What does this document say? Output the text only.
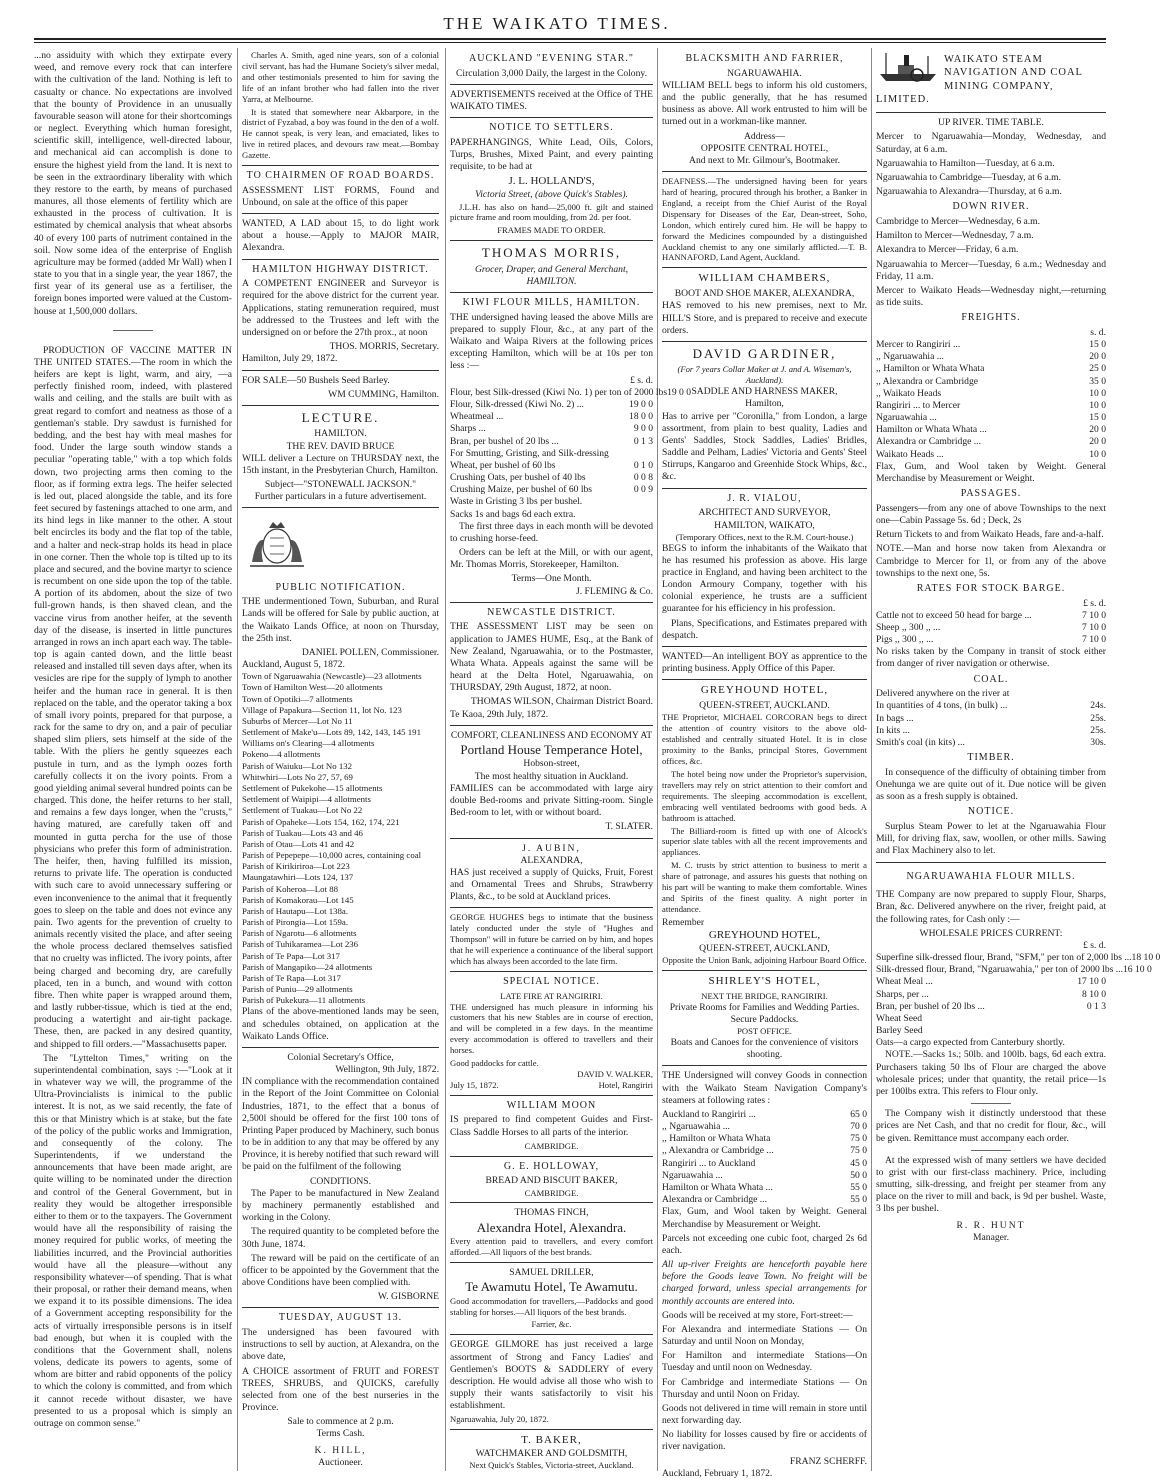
THE WAIKATO TIMES.

...no assiduity with which they extirpate every weed, and remove every rock that can interfere with the cultivation of the land. Nothing is left to casualty or chance. No expectations are involved that the bounty of Providence in an unusually favourable season will atone for their shortcomings or neglect. Everything which human foresight, scientific skill, intelligence, well-directed labour, and mechanical aid can accomplish is done to ensure the highest yield from the land. It is next to be seen in the extraordinary liberality with which they restore to the earth, by means of purchased manures, all those elements of fertility which are exhausted in the process of cultivation. It is estimated by chemical analysis that wheat absorbs 40 of every 100 parts of nutriment contained in the soil. Now some idea of the enterprise of English agriculture may be formed (added Mr Wall) when I state to you that in a single year, the year 1867, the first year of its general use as a fertiliser, the foreign bones imported were valued at the Custom-house at 1,500,000 dollars.

PRODUCTION OF VACCINE MATTER IN THE UNITED STATES.—The room in which the heifers are kept is light, warm, and airy, —a perfectly finished room, indeed, with plastered walls and ceiling, and the stalls are built with as great regard to comfort and neatness as those of a gentleman's stable. Dry sawdust is furnished for bedding, and the best hay with meal mashes for food. Under the large south window stands a peculiar "operating table," with a top which folds down, two projecting arms then coming to the floor, as if forming extra legs. The heifer selected is led out, placed alongside the table, and its fore feet secured by fastenings attached to one arm, and its hind legs in like manner to the other. A stout belt encircles its body and the flat top of the table, and a halter and neck-strap holds its head in place in one corner. Then the whole top is tilted up to its place and secured, and the bovine martyr to science is recumbent on one side upon the top of the table. A portion of its abdomen, about the size of two full-grown hands, is then shaved clean, and the vaccine virus from another heifer, at the seventh day of the disease, is inserted in little punctures arranged in rows an inch apart each way. The table-top is again canted down, and the little beast released and installed till seven days after, when its vesicles are ripe for the supply of lymph to another heifer and the human race in general. It is then replaced on the table, and the operator taking a box of small ivory points, prepared for that purpose, a rack for the same to dry on, and a pair of peculiar shaped slim pliers, sets himself at the side of the table. With the pliers he gently squeezes each pustule in turn, and as the lymph oozes forth carefully collects it on the ivory points. From a good yielding animal several hundred points can be charged. This done, the heifer returns to her stall, and remains a few days longer, when the "crusts," having matured, are carefully taken off and mounted in gutta percha for the use of those physicians who prefer this form of administration. The heifer, then, having fulfilled its mission, returns to private life. The operation is conducted with such care to avoid unnecessary suffering or even inconvenience to the animal that it frequently goes to sleep on the table and does not evince any pain. Two agents for the prevention of cruelty to animals recently visited the place, and after seeing the whole process declared themselves satisfied that no cruelty was inflicted. The ivory points, after being charged and becoming dry, are carefully placed, ten in a bunch, and wound with cotton fibre. Then white paper is wrapped around them, and lastly rubber-tissue, which is tied at the end, producing a watertight and air-tight package. These, then, are packed in any desired quantity, and shipped to fill orders.—"Massachusetts paper.

The "Lyttelton Times," writing on the superintendental combination, says :—"Look at it in whatever way we will, the programme of the Ultra-Provincialists is inimical to the public interest. It is not, as we said recently, the fate of this or that Ministry which is at stake, but the fate of the policy of the public works and Immigration, and consequently of the colony. The Superintendents, if we understand the announcements that have been made aright, are quite willing to be nominated under the direction and control of the General Government, but in reality they would be altogether irresponsible either to them or to the taxpayers. The Government would have all the responsibility of raising the money required for public works, of meeting the liabilities incurred, and the Provincial authorities would have all the pleasure—without any responsibility whatever—of spending. That is what their proposal, or rather their demand means, when we expand it to its possible dimensions. The idea of a Government accepting responsibility for the acts of virtually irresponsible persons is in itself bad enough, but when it is coupled with the conditions that the Government shall, nolens volens, dedicate its powers to agents, some of whom are bitter and rabid opponents of the policy to which the colony is committed, and from which it cannot recede without disaster, we have presented to us a proposal which is simply an outrage on common sense."

Charles A. Smith, aged nine years, son of a colonial civil servant, has had the Humane Society's silver medal, and other testimonials presented to him for saving the life of an infant brother who had fallen into the river Yarra, at Melbourne.

It is stated that somewhere near Akbarpore, in the district of Fyzabad, a boy was found in the den of a wolf. He cannot speak, is very lean, and emaciated, likes to live in retired places, and devours raw meat.—Bombay Gazette.

TO CHAIRMEN OF ROAD BOARDS.

ASSESSMENT LIST FORMS, Found and Unbound, on sale at the office of this paper

WANTED, A LAD about 15, to do light work about a house.—Apply to MAJOR MAIR, Alexandra.

HAMILTON HIGHWAY DISTRICT.

A COMPETENT ENGINEER and Surveyor is required for the above district for the current year. Applications, stating remuneration required, must be addressed to the Trustees and left with the undersigned on or before the 27th prox., at noon

THOS. MORRIS, Secretary.
Hamilton, July 29, 1872.

FOR SALE—50 Bushels Seed Barley.

WM CUMMING, Hamilton.
LECTURE.
HAMILTON.
THE REV. DAVID BRUCE

WILL deliver a Lecture on THURSDAY next, the 15th instant, in the Presbyterian Church, Hamilton.

Subject—"STONEWALL JACKSON."
Further particulars in a future advertisement.
PUBLIC NOTIFICATION.

THE undermentioned Town, Suburban, and Rural Lands will be offered for Sale by public auction, at the Waikato Lands Office, at noon on Thursday, the 25th inst.

DANIEL POLLEN, Commissioner.
Auckland, August 5, 1872.
Town of Ngaruawahia (Newcastle)—23 allotments
Town of Hamilton West—20 allotments
Town of Opotiki—7 allotments
Village of Papakura—Section 11, lot No. 123
Suburbs of Mercer—Lot No 11
Settlement of Make'u—Lots 89, 142, 143, 145 191
Williams on's Clearing—4 allotments
Pokeno—4 allotments
Parish of Waiuku—Lot No 132
Whitwhiri—Lots No 27, 57, 69
Settlement of Pukekohe—15 allotments
Settlement of Waipipi—4 allotments
Settlement of Tuakau—Lot No 22
Parish of Opaheke—Lots 154, 162, 174, 221
Parish of Tuakau—Lots 43 and 46
Parish of Otau—Lots 41 and 42
Parish of Pepepepe—10,000 acres, containing coal
Parish of Kirikiriroa—Lot 223
Maungatawhiri—Lots 124, 137
Parish of Koheroa—Lot 88
Parish of Komakorau—Lot 145
Parish of Hautapu—Lot 138a.
Parish of Pirongia—Lot 159a.
Parish of Ngarotu—6 allotments
Parish of Tuhikaramea—Lot 236
Parish of Te Papa—Lot 317
Parish of Mangapiko—24 allotments
Parish of Te Rapa—Lot 317
Parish of Puniu—29 allotments
Parish of Pukekura—11 allotments

Plans of the above-mentioned lands may be seen, and schedules obtained, on application at the Waikato Lands Office.

Colonial Secretary's Office,
Wellington, 9th July, 1872.

IN compliance with the recommendation contained in the Report of the Joint Committee on Colonial Industries, 1871, to the effect that a bonus of 2,500l should be offered for the first 100 tons of Printing Paper produced by Machinery, such bonus to be in addition to any that may be offered by any Province, it is hereby notified that such reward will be paid on the fulfilment of the following

CONDITIONS.

The Paper to be manufactured in New Zealand by machinery permanently established and working in the Colony.

The required quantity to be completed before the 30th June, 1874.

The reward will be paid on the certificate of an officer to be appointed by the Government that the above Conditions have been complied with.

W. GISBORNE
TUESDAY, AUGUST 13.

The undersigned has been favoured with instructions to sell by auction, at Alexandra, on the above date,

A CHOICE assortment of FRUIT and FOREST TREES, SHRUBS, and QUICKS, carefully selected from one of the best nurseries in the Province.

Sale to commence at 2 p.m.
Terms Cash.
K. HILL,
Auctioneer.
AUCKLAND "EVENING STAR."
Circulation 3,000 Daily, the largest in the Colony.

ADVERTISEMENTS received at the Office of THE WAIKATO TIMES.

NOTICE TO SETTLERS.

PAPERHANGINGS, White Lead, Oils, Colors, Turps, Brushes, Mixed Paint, and every painting requisite, to be had at

J. L. HOLLAND'S,
Victoria Street, (above Quick's Stables).

J.L.H. has also on hand—25,000 ft. gilt and stained picture frame and room moulding, from 2d. per foot.

FRAMES MADE TO ORDER.
THOMAS MORRIS,
Grocer, Draper, and General Merchant, HAMILTON.
KIWI FLOUR MILLS, HAMILTON.

THE undersigned having leased the above Mills are prepared to supply Flour, &c., at any part of the Waikato and Waipa Rivers at the following prices excepting Hamilton, which will be at 10s per ton less :—

£ s. d.
Flour, best Silk-dressed (Kiwi No. 1) per ton of 2000 lbs 19 0 0
Flour, Silk-dressed (Kiwi No. 2) ...	19 0 0
Wheatmeal ...	18 0 0
Sharps ...	9 0 0
Bran, per bushel of 20 lbs ...	0 1 3
For Smutting, Gristing, and Silk-dressing
Wheat, per bushel of 60 lbs	0 1 0
Crushing Oats, per bushel of 40 lbs	0 0 8
Crushing Maize, per bushel of 60 lbs	0 0 9
Waste in Gristing 3 lbs per bushel.
Sacks 1s and bags 6d each extra.

The first three days in each month will be devoted to crushing horse-feed.

Orders can be left at the Mill, or with our agent, Mr. Thomas Morris, Storekeeper, Hamilton.

Terms—One Month.
J. FLEMING & Co.
NEWCASTLE DISTRICT.

THE ASSESSMENT LIST may be seen on application to JAMES HUME, Esq., at the Bank of New Zealand, Ngaruawahia, or to the Postmaster, Whata Whata. Appeals against the same will be heard at the Delta Hotel, Ngaruawahia, on THURSDAY, 29th August, 1872, at noon.

THOMAS WILSON, Chairman District Board.
Te Kaoa, 29th July, 1872.
COMFORT, CLEANLINESS AND ECONOMY AT
Portland House Temperance Hotel,
Hobson-street,
The most healthy situation in Auckland.

FAMILIES can be accommodated with large airy double Bed-rooms and private Sitting-room. Single Bed-room to let, with or without board.

T. SLATER.
J. AUBIN,
ALEXANDRA,

HAS just received a supply of Quicks, Fruit, Forest and Ornamental Trees and Shrubs, Strawberry Plants, &c., to be sold at Auckland prices.

GEORGE HUGHES begs to intimate that the business lately conducted under the style of "Hughes and Thompson" will in future be carried on by him, and hopes that he will experience a continuance of the liberal support which has always been accorded to the late firm.

SPECIAL NOTICE.
LATE FIRE AT RANGIRIRI.

THE undersigned has much pleasure in informing his customers that his new Stables are in course of erection, and will be completed in a few days. In the meantime every accommodation is offered to travellers and their horses.

Good paddocks for cattle.
DAVID V. WALKER,
July 15, 1872.	Hotel, Rangiriri
WILLIAM MOON

IS prepared to find competent Guides and First-Class Saddle Horses to all parts of the interior.

CAMBRIDGE.
G. E. HOLLOWAY,
BREAD AND BISCUIT BAKER,
CAMBRIDGE.
THOMAS FINCH,
Alexandra Hotel, Alexandra.

Every attention paid to travellers, and every comfort afforded.—All liquors of the best brands.

SAMUEL DRILLER,
Te Awamutu Hotel, Te Awamutu.

Good accommodation for travellers,—Paddocks and good stabling for horses.—All liquors of the best brands.

Farrier, &c.

GEORGE GILMORE has just received a large assortment of Strong and Fancy Ladies' and Gentlemen's BOOTS & SADDLERY of every description. He would advise all those who wish to supply their wants satisfactorily to visit his establishment.

Ngaruawahia, July 20, 1872.
T. BAKER,
WATCHMAKER AND GOLDSMITH,
Next Quick's Stables, Victoria-street, Auckland.
BLACKSMITH AND FARRIER,
NGARUAWAHIA.

WILLIAM BELL begs to inform his old customers, and the public generally, that he has resumed business as above. All work entrusted to him will be turned out in a workman-like manner.

Address—
OPPOSITE CENTRAL HOTEL,
And next to Mr. Gilmour's, Bootmaker.

DEAFNESS.—The undersigned having been for years hard of hearing, procured through his brother, a Banker in England, a receipt from the Chief Aurist of the Royal Dispensary for Diseases of the Ear, Dean-street, Soho, London, which entirely cured him. He will be happy to forward the Medicines compounded by a distinguished Auckland chemist to any one similarly afflicted.—T. B. HANNAFORD, Land Agent, Auckland.

WILLIAM CHAMBERS,
BOOT AND SHOE MAKER, ALEXANDRA,

HAS removed to his new premises, next to Mr. HILL'S Store, and is prepared to receive and execute orders.

DAVID GARDINER,
(For 7 years Collar Maker at J. and A. Wiseman's, Auckland).
SADDLE AND HARNESS MAKER,
Hamilton,

Has to arrive per "Coronilla," from London, a large assortment, from plain to best quality, Ladies and Gents' Saddles, Stock Saddles, Ladies' Bridles, Saddle and Pelham, Ladies' Victoria and Gents' Steel Stirrups, Kangaroo and Greenhide Stock Whips, &c., &c.

J. R. VIALOU,
ARCHITECT AND SURVEYOR,
HAMILTON, WAIKATO,
(Temporary Offices, next to the R.M. Court-house.)

BEGS to inform the inhabitants of the Waikato that he has resumed his profession as above. His large practice in England, and having been architect to the London Armoury Company, together with his colonial experience, he trusts are a sufficient guarantee for his efficiency in his profession.

Plans, Specifications, and Estimates prepared with despatch.

WANTED—An intelligent BOY as apprentice to the printing business. Apply Office of this Paper.

GREYHOUND HOTEL,
QUEEN-STREET, AUCKLAND.

THE Proprietor, MICHAEL CORCORAN begs to direct the attention of country visitors to the above old-established and centrally situated Hotel. It is in close proximity to the Banks, principal Stores, Government offices, &c.

The hotel being now under the Proprietor's supervision, travellers may rely on strict attention to their comfort and requirements. The sleeping accommodation is excellent, embracing well ventilated bedrooms with good beds. A bathroom is attached.

The Billiard-room is fitted up with one of Alcock's superior slate tables with all the recent improvements and appliances.

M. C. trusts by strict attention to business to merit a share of patronage, and assures his guests that nothing on his part will be wanting to make them comfortable. Wines and Spirits of the finest quality. A night porter in attendance.

Remember
GREYHOUND HOTEL,
QUEEN-STREET, AUCKLAND,
Opposite the Union Bank, adjoining Harbour Board Office.
SHIRLEY'S HOTEL,
NEXT THE BRIDGE, RANGIRIRI.
Private Rooms for Families and Wedding Parties.
Secure Paddocks.
POST OFFICE.
Boats and Canoes for the convenience of visitors shooting.

THE Undersigned will convey Goods in connection with the Waikato Steam Navigation Company's steamers at following rates :

Auckland to Rangiriri ...	65 0
,, Ngaruawahia ...	70 0
,, Hamilton or Whata Whata	75 0
,, Alexandra or Cambridge ...	75 0
Rangiriri ... to Auckland	45 0
Ngaruawahia ...	50 0
Hamilton or Whata Whata ...	55 0
Alexandra or Cambridge ...	55 0

Flax, Gum, and Wool taken by Weight. General Merchandise by Measurement or Weight.

Parcels not exceeding one cubic foot, charged 2s 6d each.

All up-river Freights are henceforth payable here before the Goods leave Town. No freight will be charged forward, unless special arrangements for monthly accounts are entered into.

Goods will be received at my store, Fort-street:—

For Alexandra and intermediate Stations — On Saturday and until Noon on Monday,

For Hamilton and intermediate Stations—On Tuesday and until noon on Wednesday.

For Cambridge and intermediate Stations — On Thursday and until Noon on Friday.

Goods not delivered in time will remain in store until next forwarding day.

No liability for losses caused by fire or accidents of river navigation.

FRANZ SCHERFF.
Auckland, February 1, 1872.
WAIKATO STEAM NAVIGATION AND COAL MINING COMPANY, LIMITED.
UP RIVER. TIME TABLE.

Mercer to Ngaruawahia—Monday, Wednesday, and Saturday, at 6 a.m.

Ngaruawahia to Hamilton—Tuesday, at 6 a.m.

Ngaruawahia to Cambridge—Tuesday, at 6 a.m.

Ngaruawahia to Alexandra—Thursday, at 6 a.m.

DOWN RIVER.

Cambridge to Mercer—Wednesday, 6 a.m.

Hamilton to Mercer—Wednesday, 7 a.m.

Alexandra to Mercer—Friday, 6 a.m.

Ngaruawahia to Mercer—Tuesday, 6 a.m.; Wednesday and Friday, 11 a.m.

Mercer to Waikato Heads—Wednesday night,—returning as tide suits.

FREIGHTS.
s. d.
Mercer to Rangiriri ...	15 0
,, Ngaruawahia ...	20 0
,, Hamilton or Whata Whata	25 0
,, Alexandra or Cambridge	35 0
,, Waikato Heads	10 0
Rangiriri ... to Mercer	10 0
Ngaruawahia ...	15 0
Hamilton or Whata Whata ...	20 0
Alexandra or Cambridge ...	20 0
Waikato Heads ...	10 0

Flax, Gum, and Wool taken by Weight. General Merchandise by Measurement or Weight.

PASSAGES.

Passengers—from any one of above Townships to the next one—Cabin Passage 5s. 6d ; Deck, 2s

Return Tickets to and from Waikato Heads, fare and-a-half.

NOTE.—Man and horse now taken from Alexandra or Cambridge to Mercer for 1l, or from any of the above townships to the next one, 5s.

RATES FOR STOCK BARGE.
£ s. d.
Cattle not to exceed 50 head for barge ...	7 10 0
Sheep ,, 300 ,, ...	7 10 0
Pigs ,, 300 ,, ...	7 10 0

No risks taken by the Company in transit of stock either from danger of river navigation or otherwise.

COAL.
Delivered anywhere on the river at
In quantities of 4 tons, (in bulk) ...	24s.
In bags ...	25s.
In kits ...	25s.
Smith's coal (in kits) ...	30s.
TIMBER.

In consequence of the difficulty of obtaining timber from Onehunga we are quite out of it. Due notice will be given as soon as a fresh supply is obtained.

NOTICE.

Surplus Steam Power to let at the Ngaruawahia Flour Mill, for driving flax, saw, woollen, or other mills. Sawing and Flax Machinery also to let.

NGARUAWAHIA FLOUR MILLS.

THE Company are now prepared to supply Flour, Sharps, Bran, &c. Delivered anywhere on the river, freight paid, at the following rates, for Cash only :—

WHOLESALE PRICES CURRENT:
£ s. d.
Superfine silk-dressed flour, Brand, "SFM," per ton of 2,000 lbs ... 18 10 0
Silk-dressed flour, Brand, "Ngaruawahia," per ton of 2000 lbs ... 16 10 0
Wheat Meal ...	17 10 0
Sharps, per ...	8 10 0
Bran, per bushel of 20 lbs ...	0 1 3
Wheat Seed
Barley Seed
Oats—a cargo expected from Canterbury shortly.

NOTE.—Sacks 1s.; 50lb. and 100lb. bags, 6d each extra. Purchasers taking 50 lbs of Flour are charged the above wholesale prices; under that quantity, the retail price—1s per 100lbs extra. This refers to Flour only.

The Company wish it distinctly understood that these prices are Net Cash, and that no credit for flour, &c., will be given. Remittance must accompany each order.

At the expressed wish of many settlers we have decided to grist with our first-class machinery. Price, including smutting, silk-dressing, and freight per steamer from any place on the river to mill and back, is 9d per bushel. Waste, 3 lbs per bushel.

R. R. HUNT
Manager.
